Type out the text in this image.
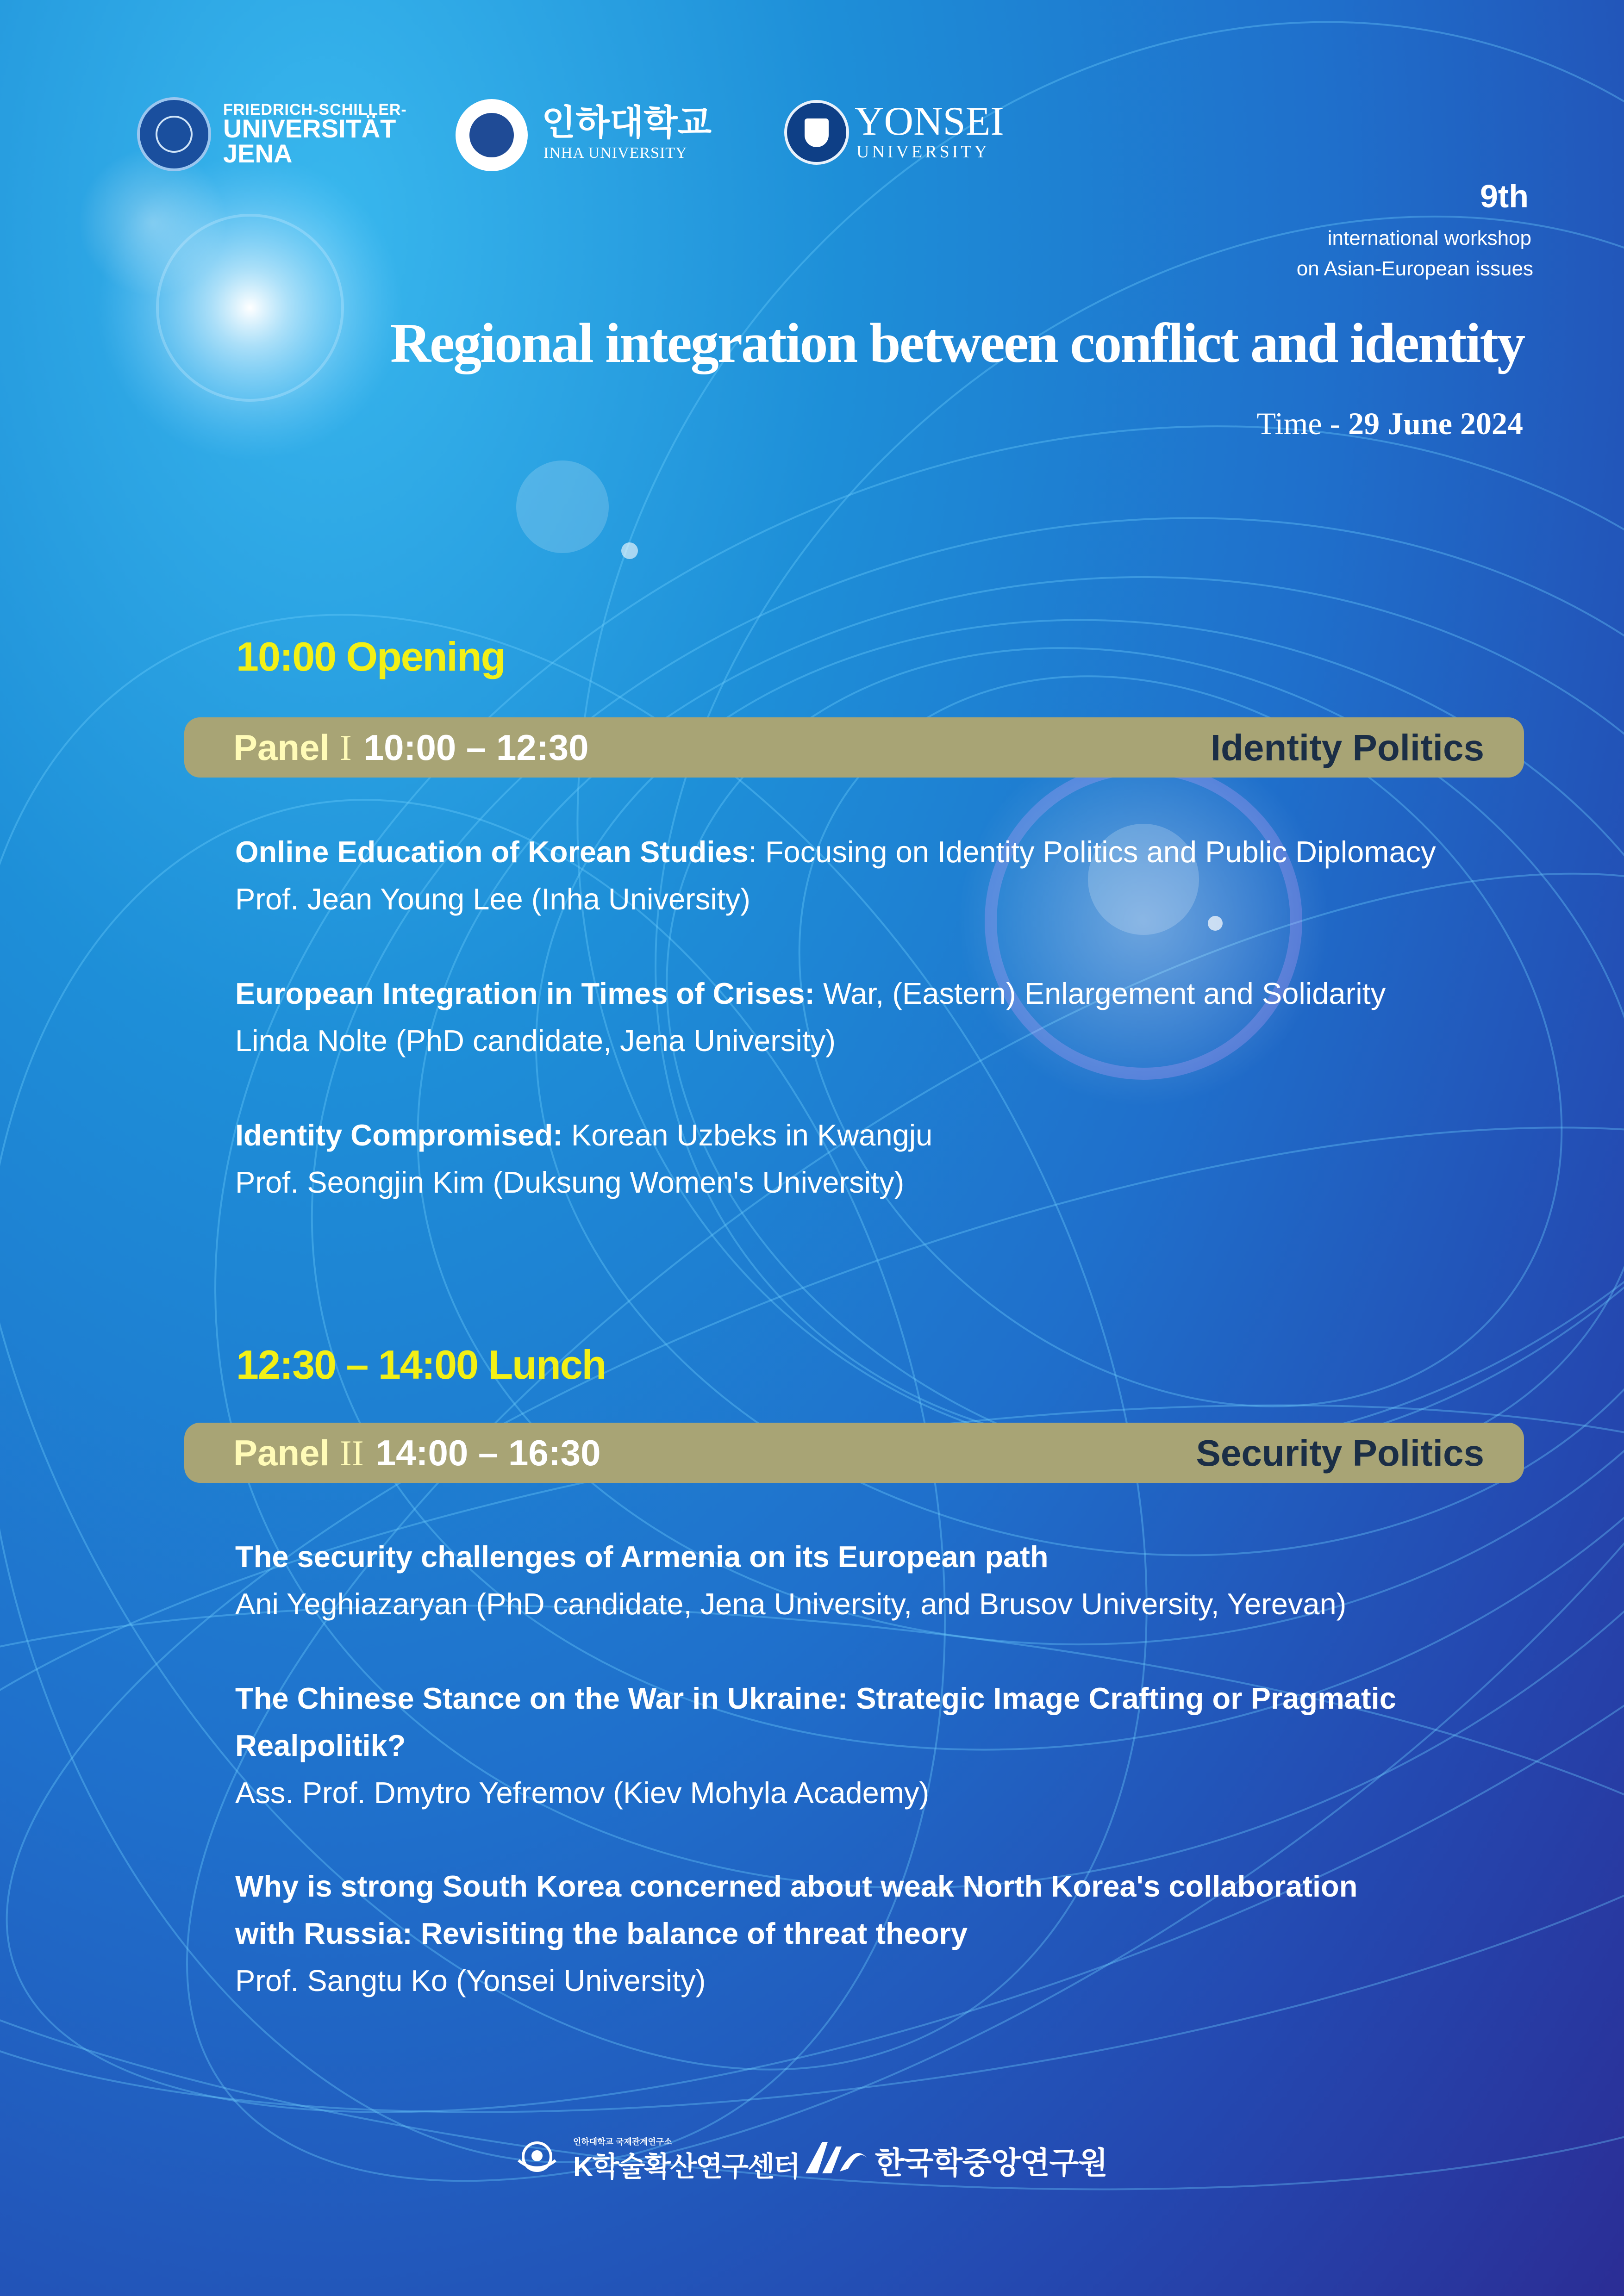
FRIEDRICH-SCHILLER-
UNIVERSITÄT
JENA
인하대학교
INHA UNIVERSITY
YONSEI
UNIVERSITY
9th
international workshop
on Asian-European issues
Regional integration between conflict and identity
Time - 29 June 2024
10:00 Opening
Panel I 10:00 – 12:30	Identity Politics
Online Education of Korean Studies: Focusing on Identity Politics and Public Diplomacy
Prof. Jean Young Lee (Inha University)
European Integration in Times of Crises: War, (Eastern) Enlargement and Solidarity
Linda Nolte (PhD candidate, Jena University)
Identity Compromised: Korean Uzbeks in Kwangju
Prof. Seongjin Kim (Duksung Women's University)
12:30 – 14:00 Lunch
Panel II 14:00 – 16:30	Security Politics
The security challenges of Armenia on its European path
Ani Yeghiazaryan (PhD candidate, Jena University, and Brusov University, Yerevan)
The Chinese Stance on the War in Ukraine: Strategic Image Crafting or Pragmatic
Realpolitik?
Ass. Prof. Dmytro Yefremov (Kiev Mohyla Academy)
Why is strong South Korea concerned about weak North Korea's collaboration
with Russia: Revisiting the balance of threat theory
Prof. Sangtu Ko (Yonsei University)
인하대학교 국제관계연구소
K학술확산연구센터 한국학중앙연구원
